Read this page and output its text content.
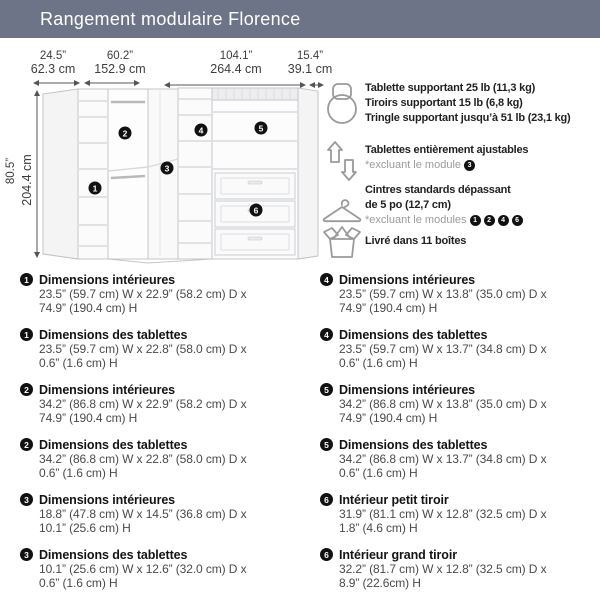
Rangement modulaire Florence
24.5”
62.3 cm
60.2”
152.9 cm
104.1”
264.4 cm
15.4”
39.1 cm
80.5” 204.4 cm	1
2
3
4	5
6
Tablette supportant 25 lb (11,3 kg)
Tiroirs supportant 15 lb (6,8 kg)
Tringle supportant jusqu’à 51 lb (23,1 kg)
Tablettes entièrement ajustables
*excluant le module 3
Cintres standards dépassant
de 5 po (12,7 cm)
*excluant le modules 1	2	4	6
Livré dans 11 boîtes
1 Dimensions intérieures
23.5” (59.7 cm) W x 22.9” (58.2 cm) D x
74.9” (190.4 cm) H
1 Dimensions des tablettes
23.5” (59.7 cm) W x 22.8” (58.0 cm) D x
0.6” (1.6 cm) H
2 Dimensions intérieures
34.2” (86.8 cm) W x 22.9” (58.2 cm) D x
74.9” (190.4 cm) H
2 Dimensions des tablettes
34.2” (86.8 cm) W x 22.8” (58.0 cm) D x
0.6” (1.6 cm) H
3 Dimensions intérieures
18.8” (47.8 cm) W x 14.5” (36.8 cm) D x
10.1” (25.6 cm) H
3 Dimensions des tablettes
10.1” (25.6 cm) W x 12.6” (32.0 cm) D x
0.6” (1.6 cm) H
4 Dimensions intérieures
23.5” (59.7 cm) W x 13.8” (35.0 cm) D x
74.9” (190.4 cm) H
4 Dimensions des tablettes
23.5” (59.7 cm) W x 13.7” (34.8 cm) D x
0.6” (1.6 cm) H
5 Dimensions intérieures
34.2” (86.8 cm) W x 13.8” (35.0 cm) D x
74.9” (190.4 cm) H
5 Dimensions des tablettes
34.2” (86.8 cm) W x 13.7” (34.8 cm) D x
0.6” (1.6 cm) H
6 Intérieur petit tiroir
31.9” (81.1 cm) W x 12.8” (32.5 cm) D x
1.8” (4.6 cm) H
6 Intérieur grand tiroir
32.2” (81.7 cm) W x 12.8” (32.5 cm) D x
8.9” (22.6cm) H
